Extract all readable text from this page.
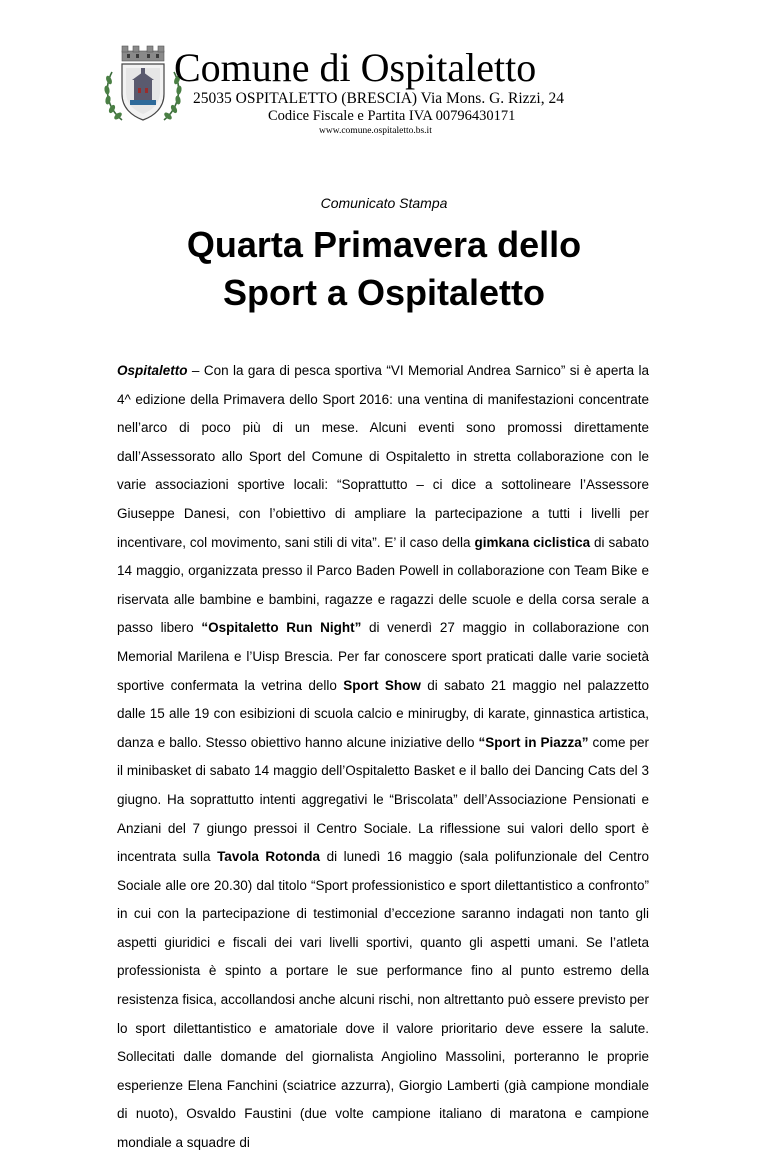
Comune di Ospitaletto
25035 OSPITALETTO (BRESCIA) Via Mons. G. Rizzi, 24
Codice Fiscale e Partita IVA 00796430171
www.comune.ospitaletto.bs.it
Comunicato Stampa
Quarta Primavera dello
Sport a Ospitaletto

Ospitaletto – Con la gara di pesca sportiva “VI Memorial Andrea Sarnico” si è aperta la 4^ edizione della Primavera dello Sport 2016: una ventina di manifestazioni concentrate nell’arco di poco più di un mese. Alcuni eventi sono promossi direttamente dall’Assessorato allo Sport del Comune di Ospitaletto in stretta collaborazione con le varie associazioni sportive locali: “Soprattutto – ci dice a sottolineare l’Assessore Giuseppe Danesi, con l’obiettivo di ampliare la partecipazione a tutti i livelli per incentivare, col movimento, sani stili di vita”. E’ il caso della gimkana ciclistica di sabato 14 maggio, organizzata presso il Parco Baden Powell in collaborazione con Team Bike e riservata alle bambine e bambini, ragazze e ragazzi delle scuole e della corsa serale a passo libero “Ospitaletto Run Night” di venerdì 27 maggio in collaborazione con Memorial Marilena e l’Uisp Brescia. Per far conoscere sport praticati dalle varie società sportive confermata la vetrina dello Sport Show di sabato 21 maggio nel palazzetto dalle 15 alle 19 con esibizioni di scuola calcio e minirugby, di karate, ginnastica artistica, danza e ballo. Stesso obiettivo hanno alcune iniziative dello “Sport in Piazza” come per il minibasket di sabato 14 maggio dell’Ospitaletto Basket e il ballo dei Dancing Cats del 3 giugno. Ha soprattutto intenti aggregativi le “Briscolata” dell’Associazione Pensionati e Anziani del 7 giungo pressoi il Centro Sociale. La riflessione sui valori dello sport è incentrata sulla Tavola Rotonda di lunedì 16 maggio (sala polifunzionale del Centro Sociale alle ore 20.30) dal titolo “Sport professionistico e sport dilettantistico a confronto” in cui con la partecipazione di testimonial d’eccezione saranno indagati non tanto gli aspetti giuridici e fiscali dei vari livelli sportivi, quanto gli aspetti umani. Se l’atleta professionista è spinto a portare le sue performance fino al punto estremo della resistenza fisica, accollandosi anche alcuni rischi, non altrettanto può essere previsto per lo sport dilettantistico e amatoriale dove il valore prioritario deve essere la salute. Sollecitati dalle domande del giornalista Angiolino Massolini, porteranno le proprie esperienze Elena Fanchini (sciatrice azzurra), Giorgio Lamberti (già campione mondiale di nuoto), Osvaldo Faustini (due volte campione italiano di maratona e campione mondiale a squadre di
